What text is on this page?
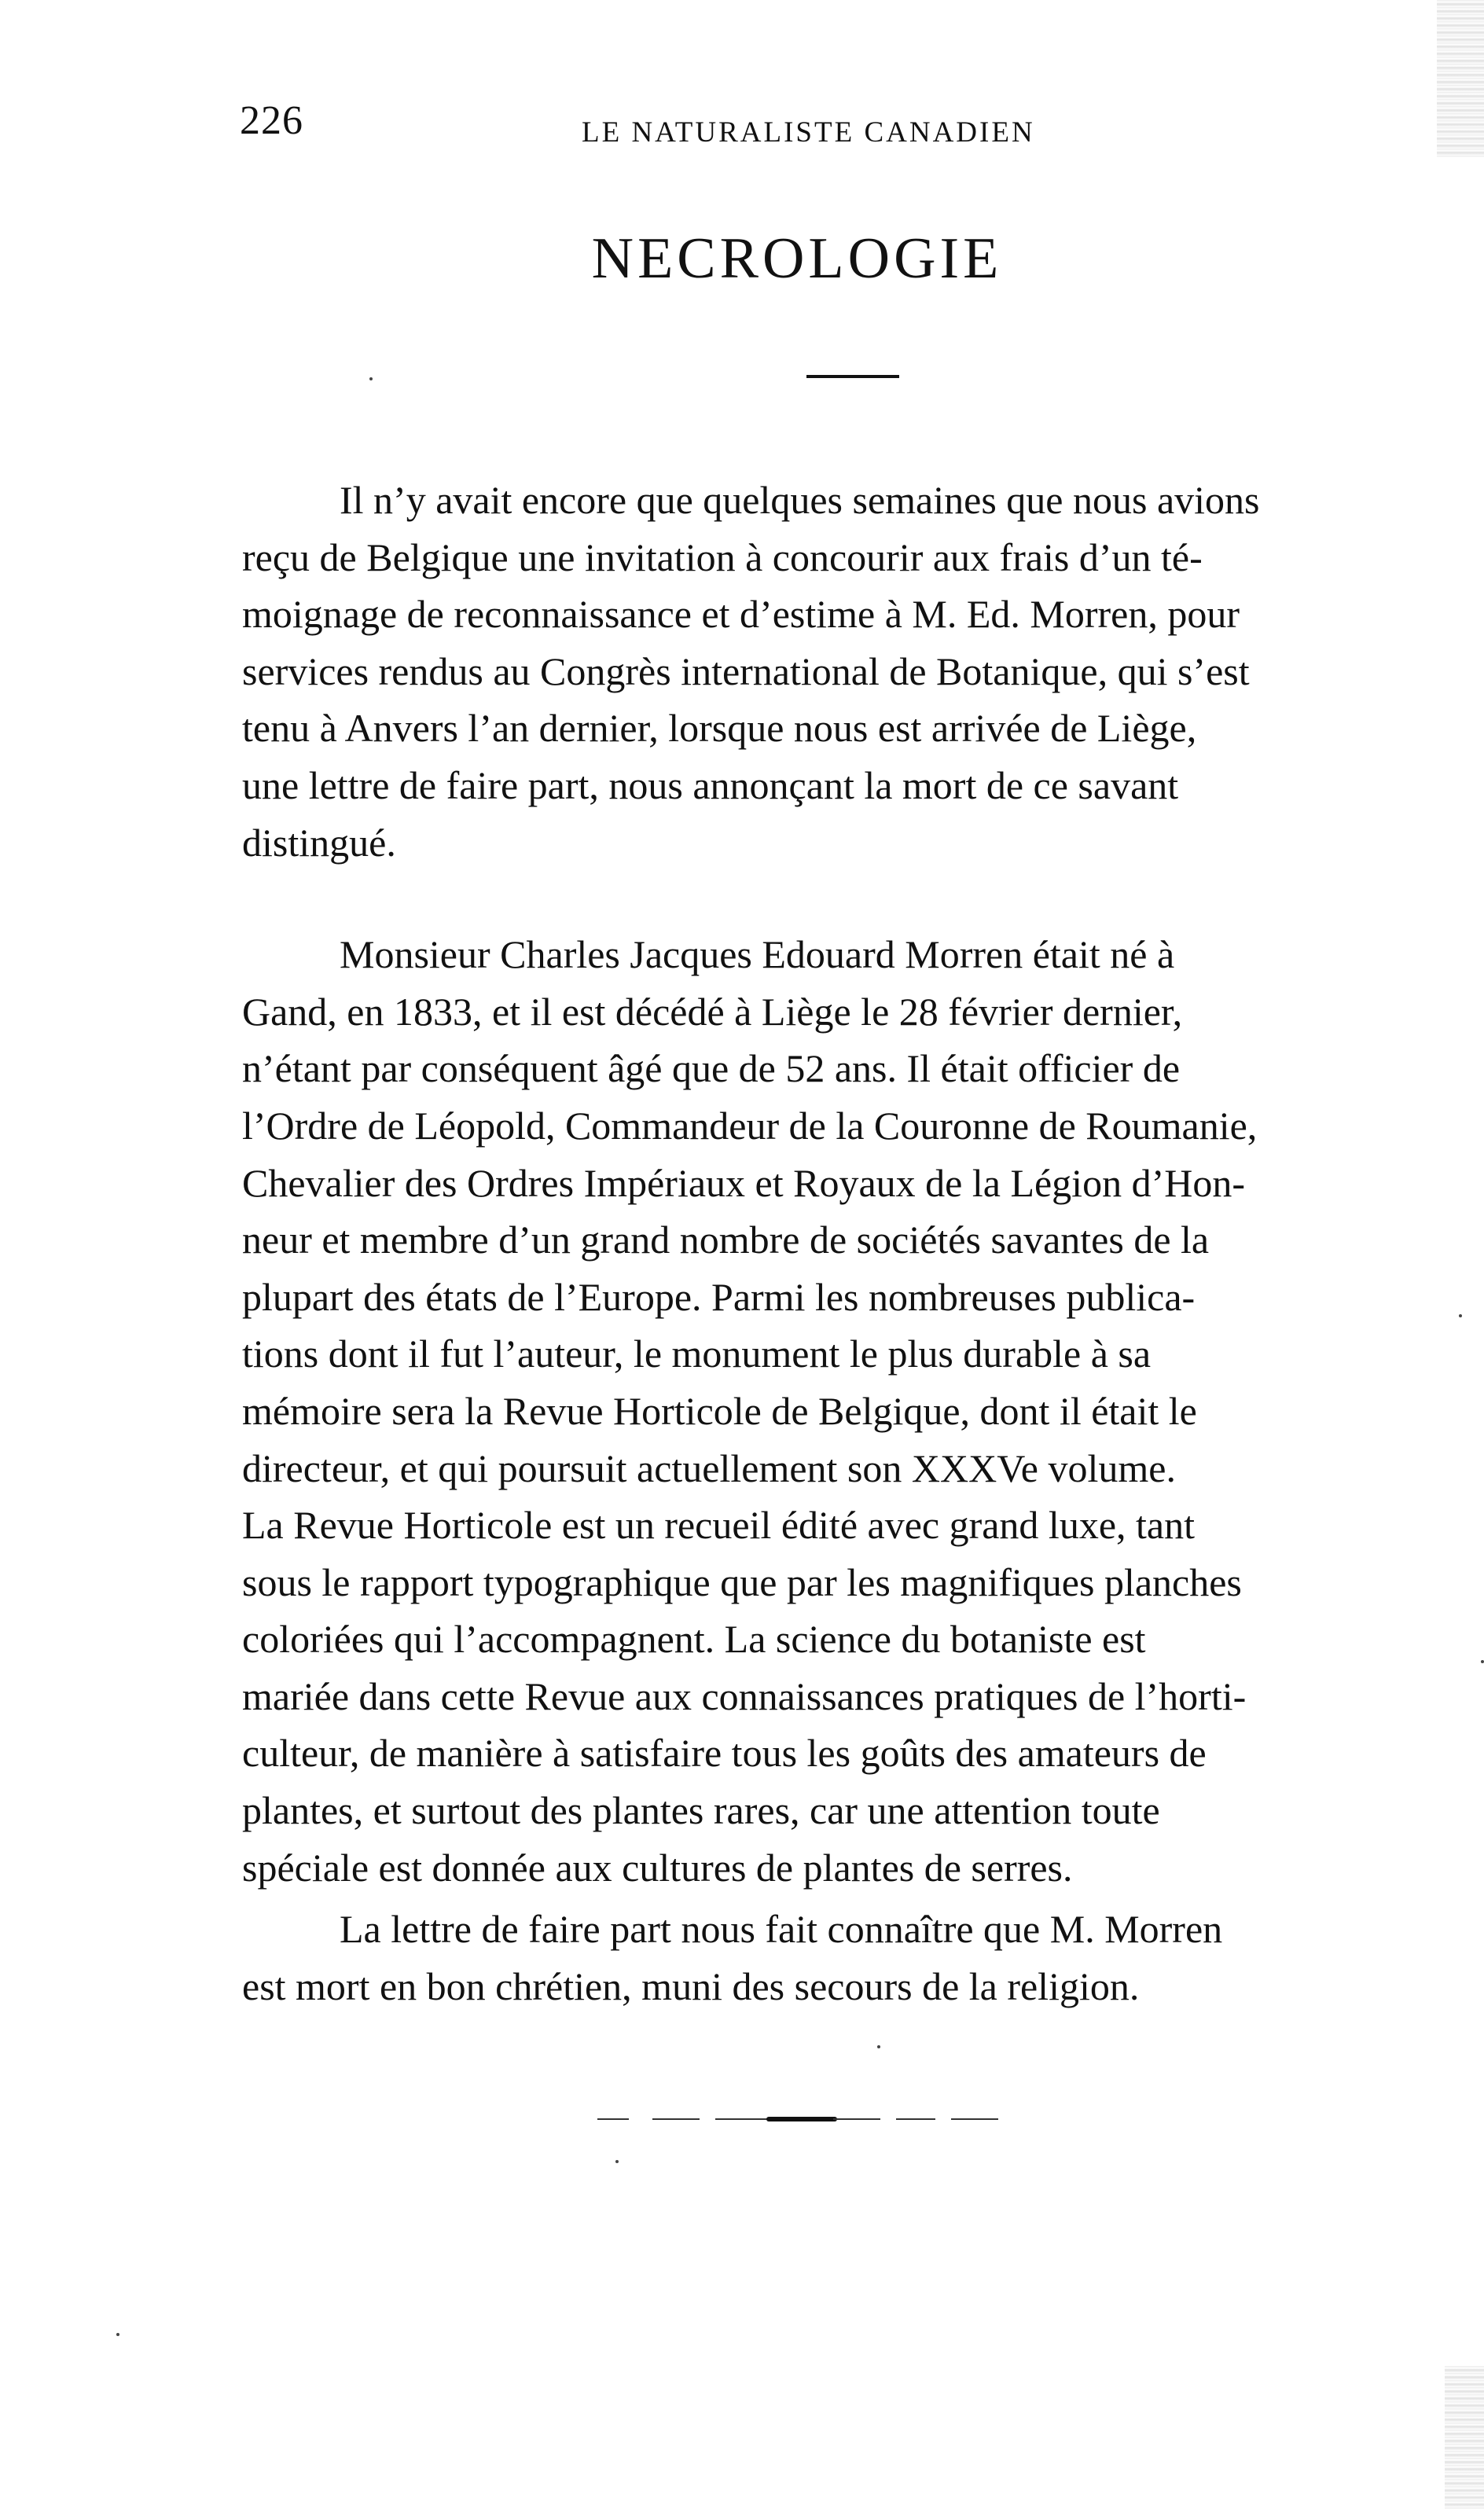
226	LE NATURALISTE CANADIEN
NECROLOGIE
Il n’y avait encore que quelques semaines que nous avions
reçu de Belgique une invitation à concourir aux frais d’un té-
moignage de reconnaissance et d’estime à M. Ed. Morren, pour
services rendus au Congrès international de Botanique, qui s’est
tenu à Anvers l’an dernier, lorsque nous est arrivée de Liège,
une lettre de faire part, nous annonçant la mort de ce savant
distingué.
Monsieur Charles Jacques Edouard Morren était né à
Gand, en 1833, et il est décédé à Liège le 28 février dernier,
n’étant par conséquent âgé que de 52 ans. Il était officier de
l’Ordre de Léopold, Commandeur de la Couronne de Roumanie,
Chevalier des Ordres Impériaux et Royaux de la Légion d’Hon-
neur et membre d’un grand nombre de sociétés savantes de la
plupart des états de l’Europe. Parmi les nombreuses publica-
tions dont il fut l’auteur, le monument le plus durable à sa
mémoire sera la Revue Horticole de Belgique, dont il était le
directeur, et qui poursuit actuellement son XXXVe volume.
La Revue Horticole est un recueil édité avec grand luxe, tant
sous le rapport typographique que par les magnifiques planches
coloriées qui l’accompagnent. La science du botaniste est
mariée dans cette Revue aux connaissances pratiques de l’horti-
culteur, de manière à satisfaire tous les goûts des amateurs de
plantes, et surtout des plantes rares, car une attention toute
spéciale est donnée aux cultures de plantes de serres.
La lettre de faire part nous fait connaître que M. Morren
est mort en bon chrétien, muni des secours de la religion.
